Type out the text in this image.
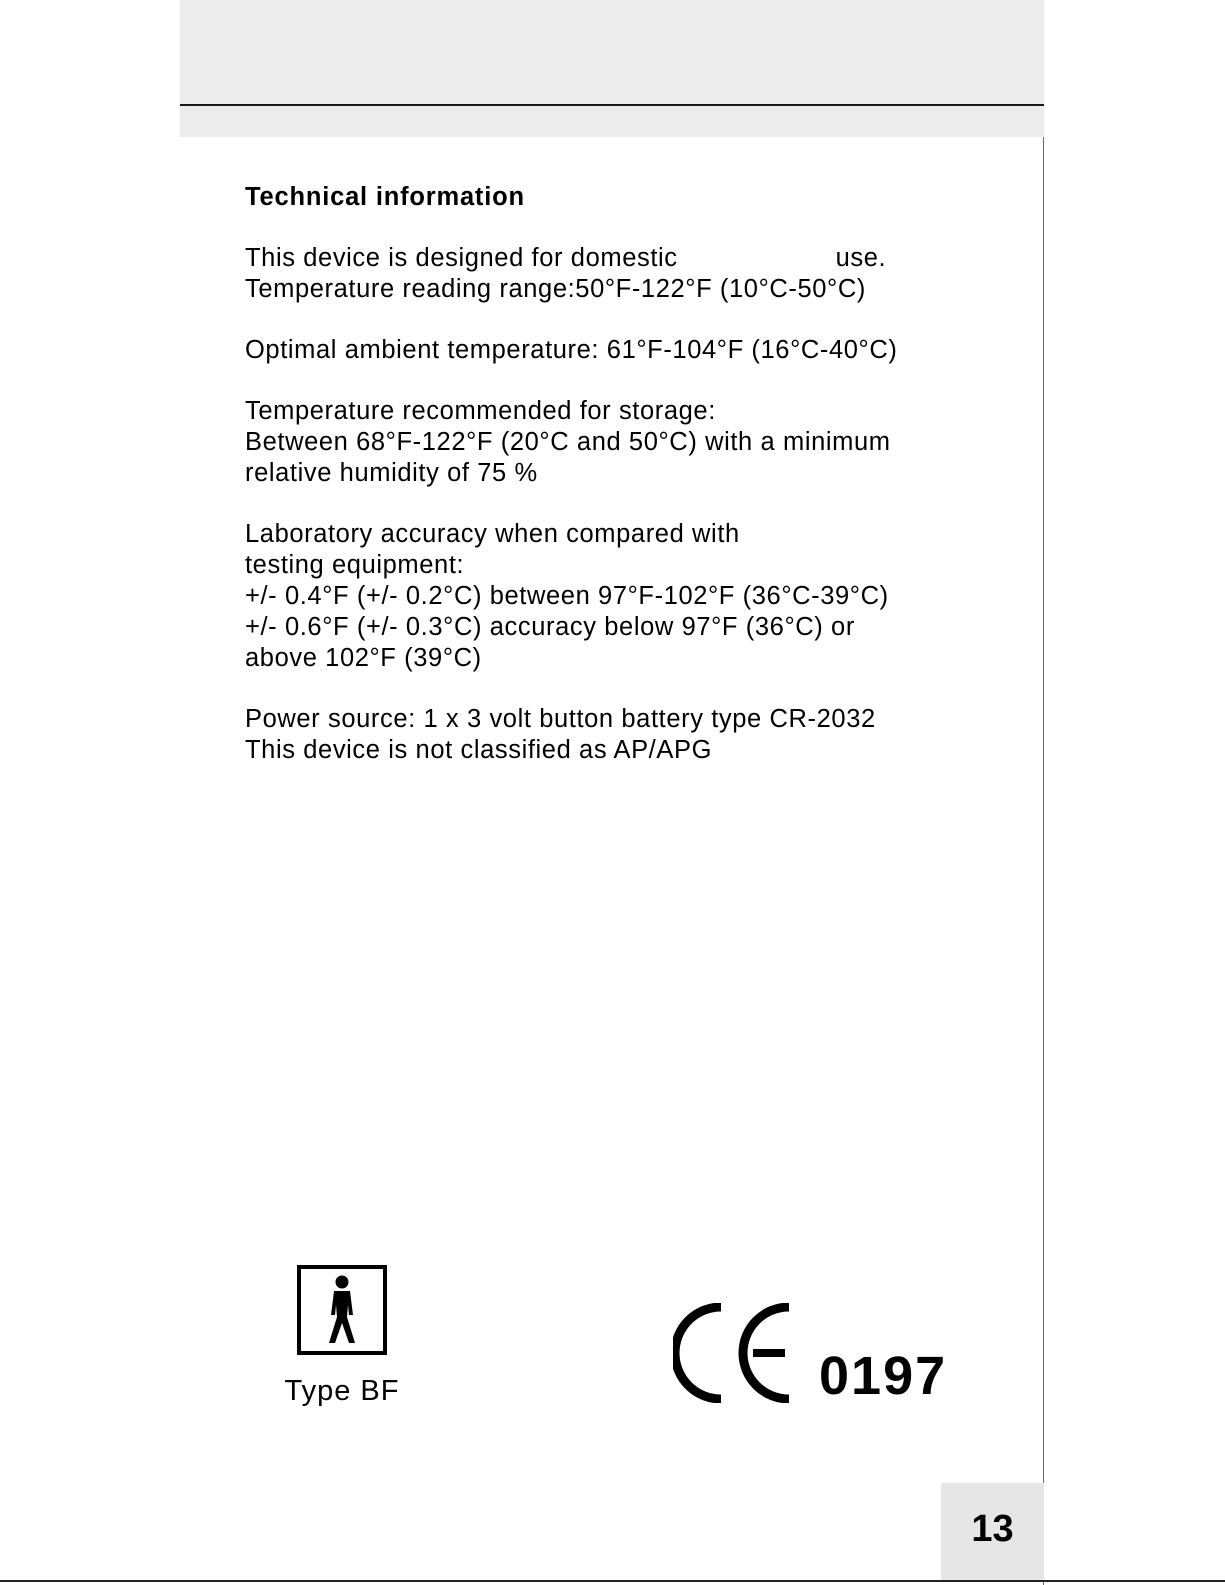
Technical information
This device is designed for domestic	use.
Temperature reading range:50°F-122°F (10°C-50°C)
Optimal ambient temperature: 61°F-104°F (16°C-40°C)
Temperature recommended for storage:
Between 68°F-122°F (20°C and 50°C) with a minimum
relative humidity of 75 %
Laboratory accuracy when compared with
testing equipment:
+/- 0.4°F (+/- 0.2°C) between 97°F-102°F (36°C-39°C)
+/- 0.6°F (+/- 0.3°C) accuracy below 97°F (36°C) or
above 102°F (39°C)
Power source: 1 x 3 volt button battery type CR-2032
This device is not classified as AP/APG
Type BF	0197
13
